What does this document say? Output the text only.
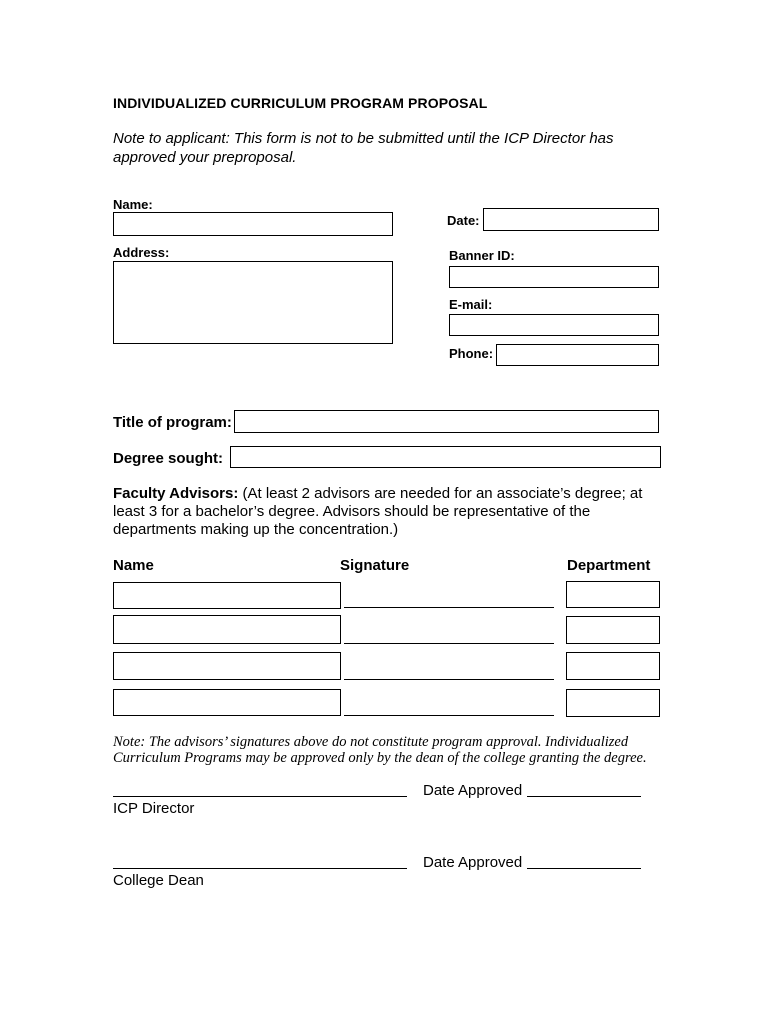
INDIVIDUALIZED CURRICULUM PROGRAM PROPOSAL
Note to applicant: This form is not to be submitted until the ICP Director has approved your preproposal.
Name:
Date:
Address:	Banner ID:
E-mail:
Phone:
Title of program:
Degree sought:
Faculty Advisors: (At least 2 advisors are needed for an associate’s degree; at least 3 for a bachelor’s degree. Advisors should be representative of the departments making up the concentration.)
Name	Signature	Department
Note: The advisors’ signatures above do not constitute program approval. Individualized Curriculum Programs may be approved only by the dean of the college granting the degree.
Date Approved
ICP Director
Date Approved
College Dean
